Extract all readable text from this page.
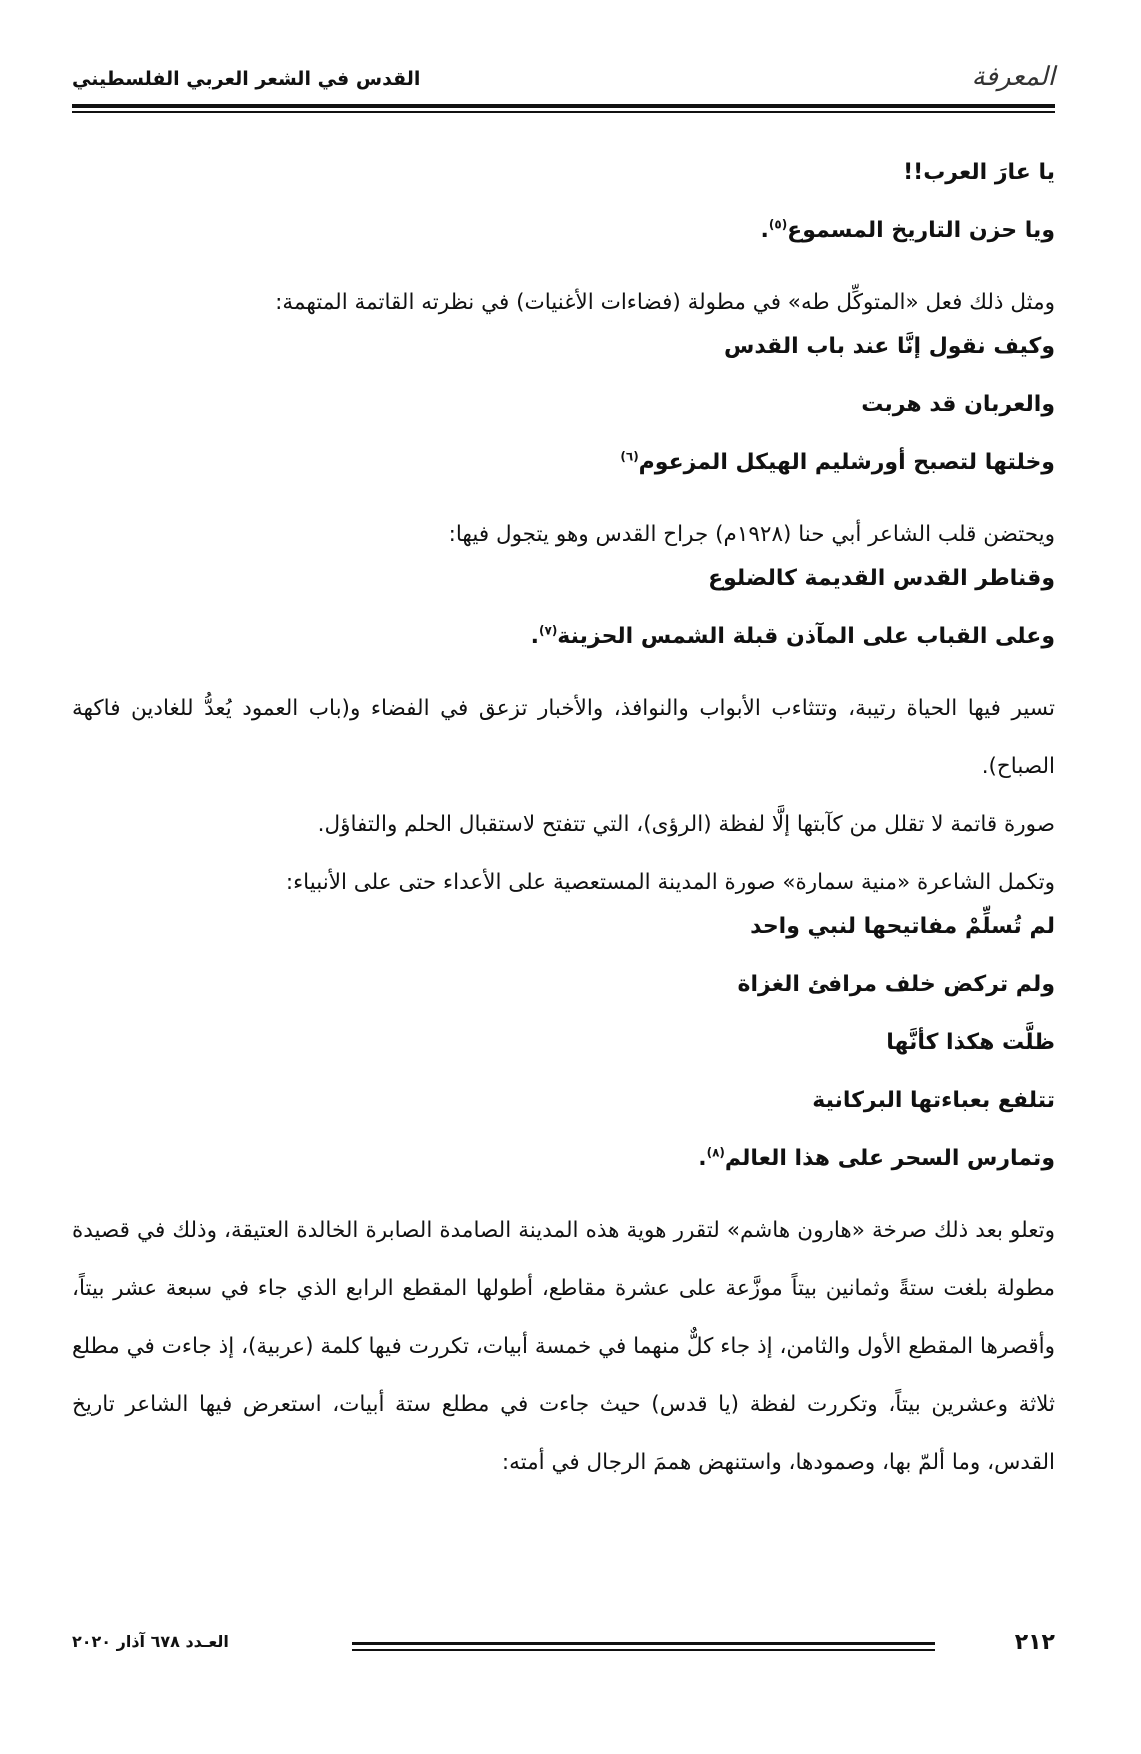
المعرفة
القدس في الشعر العربي الفلسطيني

يا عارَ العرب!!

ويا حزن التاريخ المسموع$^{(٥)}$.

ومثل ذلك فعل «المتوكِّل طه» في مطولة (فضاءات الأغنيات) في نظرته القاتمة المتهمة:

وكيف نقول إنَّا عند باب القدس

والعربان قد هربت

وخلتها لتصبح أورشليم الهيكل المزعوم$^{(٦)}$

ويحتضن قلب الشاعر أبي حنا (١٩٢٨م) جراح القدس وهو يتجول فيها:

وقناطر القدس القديمة كالضلوع

وعلى القباب على المآذن قبلة الشمس الحزينة$^{(٧)}$.

تسير فيها الحياة رتيبة، وتتثاءب الأبواب والنوافذ، والأخبار تزعق في الفضاء و(باب العمود يُعدُّ للغادين فاكهة الصباح).

صورة قاتمة لا تقلل من كآبتها إلَّا لفظة (الرؤى)، التي تتفتح لاستقبال الحلم والتفاؤل.

وتكمل الشاعرة «منية سمارة» صورة المدينة المستعصية على الأعداء حتى على الأنبياء:

لم تُسلِّمْ مفاتيحها لنبي واحد

ولم تركض خلف مرافئ الغزاة

ظلَّت هكذا كأنَّها

تتلفع بعباءتها البركانية

وتمارس السحر على هذا العالم$^{(٨)}$.

وتعلو بعد ذلك صرخة «هارون هاشم» لتقرر هوية هذه المدينة الصامدة الصابرة الخالدة العتيقة، وذلك في قصيدة مطولة بلغت ستةً وثمانين بيتاً موزَّعة على عشرة مقاطع، أطولها المقطع الرابع الذي جاء في سبعة عشر بيتاً، وأقصرها المقطع الأول والثامن، إذ جاء كلٌّ منهما في خمسة أبيات، تكررت فيها كلمة (عربية)، إذ جاءت في مطلع ثلاثة وعشرين بيتاً، وتكررت لفظة (يا قدس) حيث جاءت في مطلع ستة أبيات، استعرض فيها الشاعر تاريخ القدس، وما ألمّ بها، وصمودها، واستنهض هممَ الرجال في أمته:

٢١٢
العـدد ٦٧٨ آذار ٢٠٢٠
